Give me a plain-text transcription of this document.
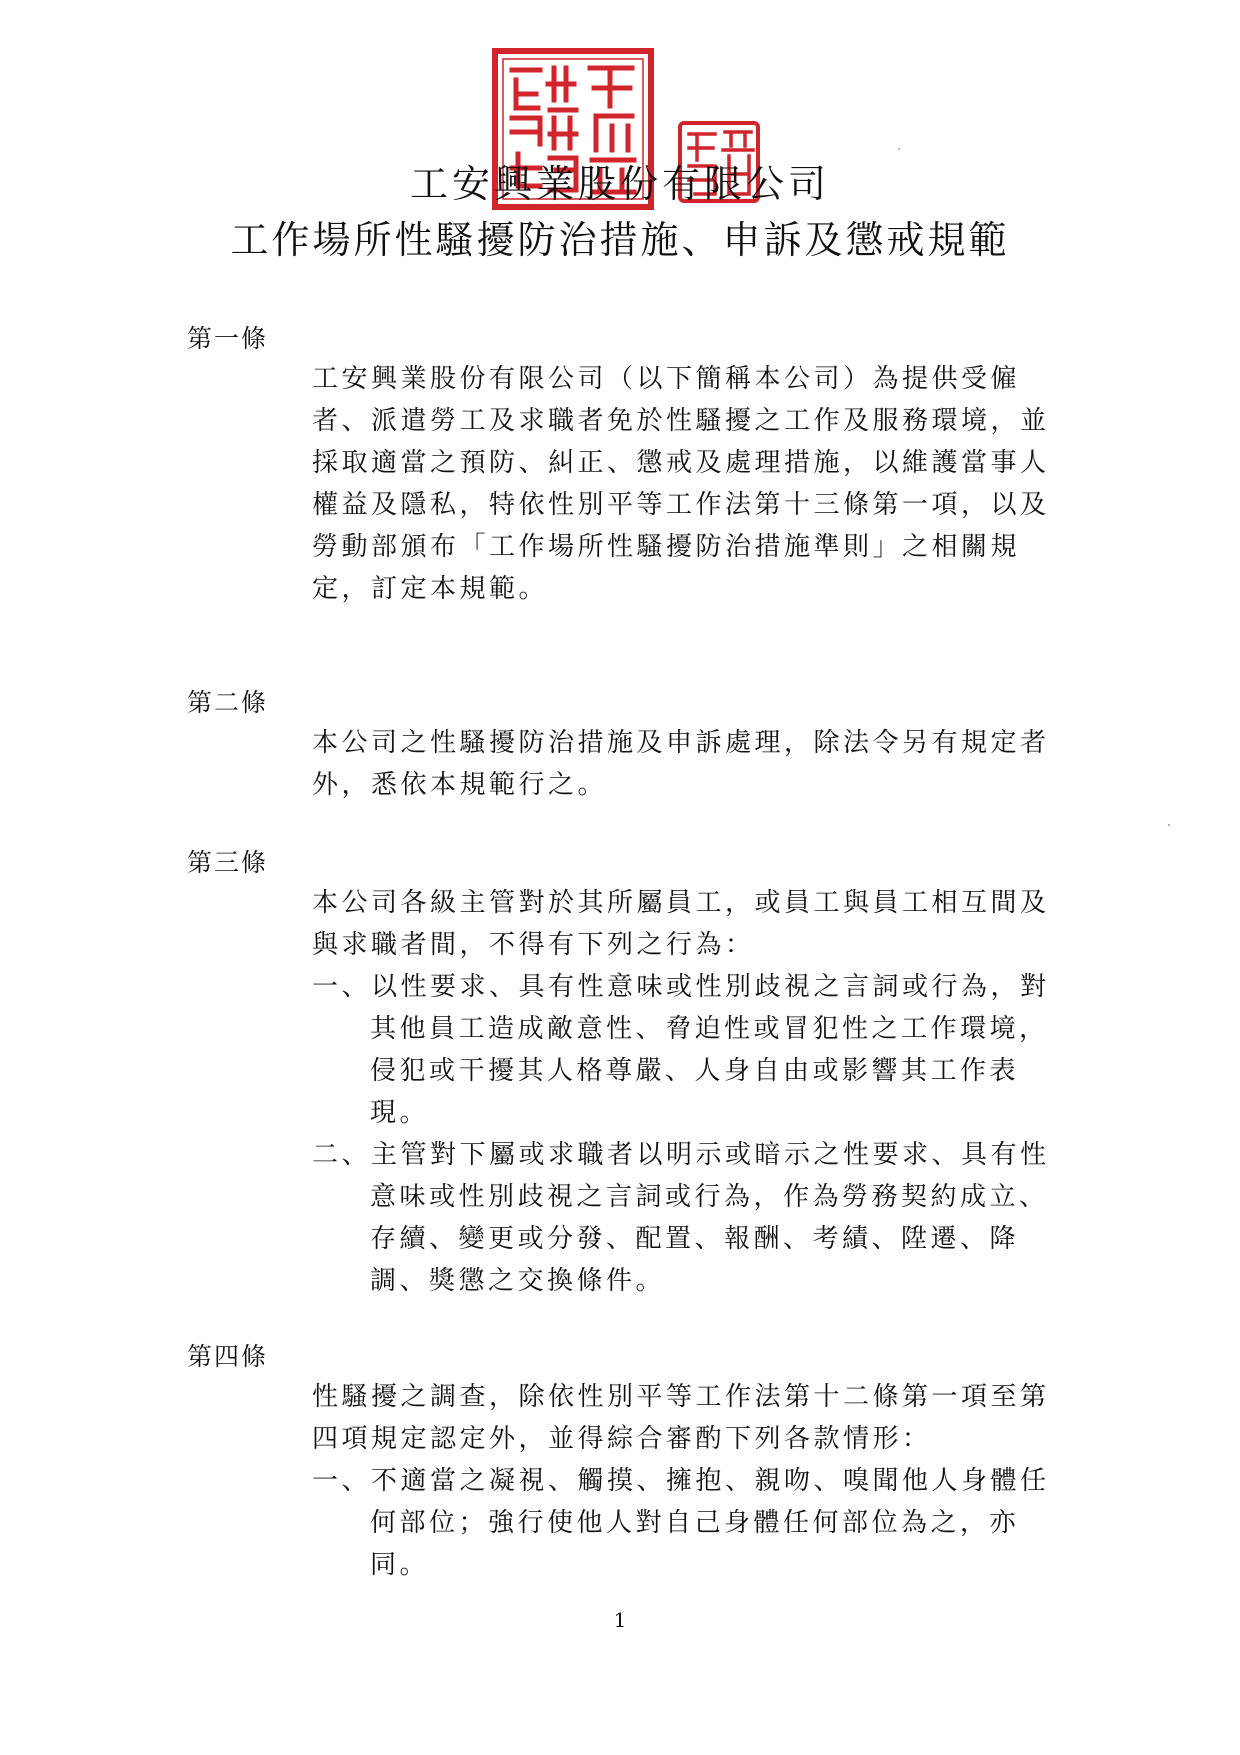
工安興業股份有限公司
工作場所性騷擾防治措施、申訴及懲戒規範
第一條
工安興業股份有限公司（以下簡稱本公司）為提供受僱
者、派遣勞工及求職者免於性騷擾之工作及服務環境，並
採取適當之預防、糾正、懲戒及處理措施，以維護當事人
權益及隱私，特依性別平等工作法第十三條第一項，以及
勞動部頒布「工作場所性騷擾防治措施準則」之相關規
定，訂定本規範。
第二條
本公司之性騷擾防治措施及申訴處理，除法令另有規定者
外，悉依本規範行之。
第三條
本公司各級主管對於其所屬員工，或員工與員工相互間及
與求職者間，不得有下列之行為：
一、以性要求、具有性意味或性別歧視之言詞或行為，對
其他員工造成敵意性、脅迫性或冒犯性之工作環境，
侵犯或干擾其人格尊嚴、人身自由或影響其工作表
現。
二、主管對下屬或求職者以明示或暗示之性要求、具有性
意味或性別歧視之言詞或行為，作為勞務契約成立、
存續、變更或分發、配置、報酬、考績、陞遷、降
調、獎懲之交換條件。
第四條
性騷擾之調查，除依性別平等工作法第十二條第一項至第
四項規定認定外，並得綜合審酌下列各款情形：
一、不適當之凝視、觸摸、擁抱、親吻、嗅聞他人身體任
何部位；強行使他人對自己身體任何部位為之，亦
同。
1
